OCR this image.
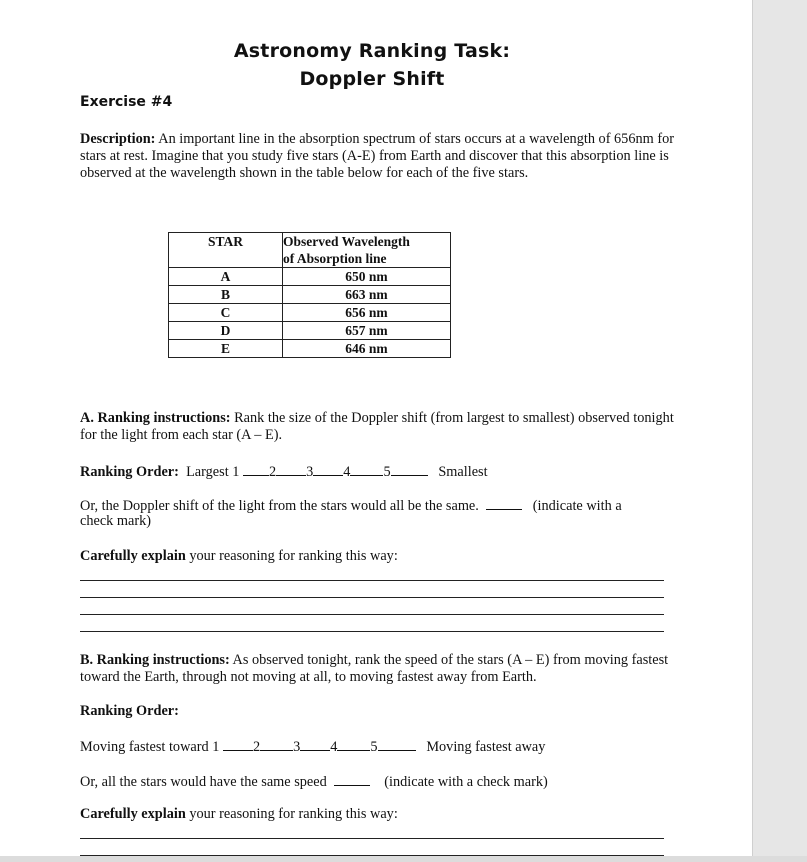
Astronomy Ranking Task:
Doppler Shift
Exercise #4
Description: An important line in the absorption spectrum of stars occurs at a wavelength of 656nm for stars at rest. Imagine that you study five stars (A-E) from Earth and discover that this absorption line is observed at the wavelength shown in the table below for each of the five stars.
STAR	Observed Wavelength
of Absorption line
A	650 nm
B	663 nm
C	656 nm
D	657 nm
E	646 nm
A. Ranking instructions: Rank the size of the Doppler shift (from largest to smallest) observed tonight for the light from each star (A – E).
Ranking Order: Largest 1 2 3 4 5	Smallest
Or, the Doppler shift of the light from the stars would all be the same.	(indicate with a
check mark)
Carefully explain your reasoning for ranking this way:
B. Ranking instructions: As observed tonight, rank the speed of the stars (A – E) from moving fastest toward the Earth, through not moving at all, to moving fastest away from Earth.
Ranking Order:
Moving fastest toward 1 2 3 4 5	Moving fastest away
Or, all the stars would have the same speed	(indicate with a check mark)
Carefully explain your reasoning for ranking this way:
